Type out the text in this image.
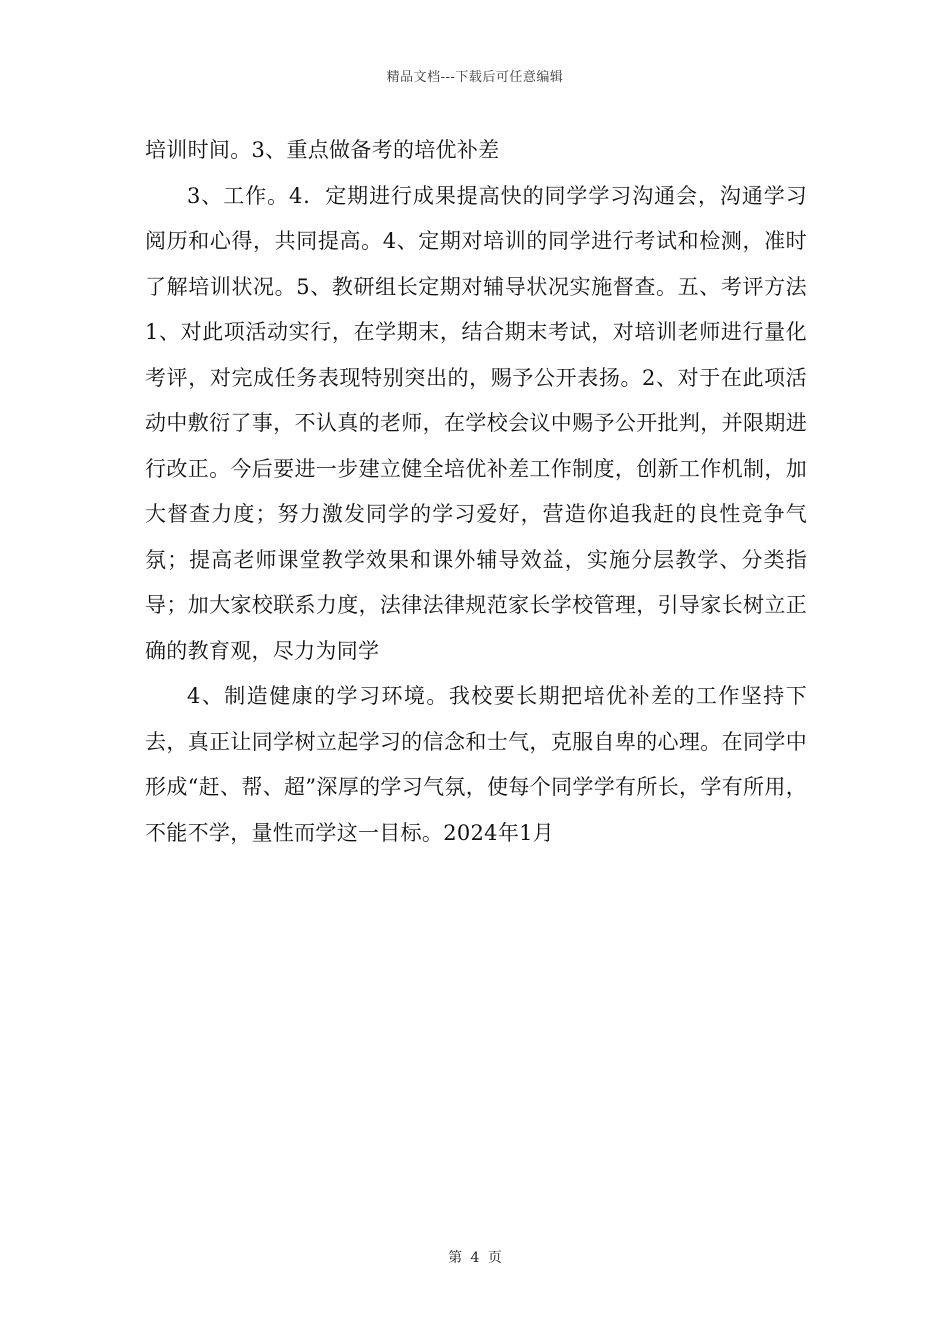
精品文档---下载后可任意编辑

培训时间。3、重点做备考的培优补差

3、工作。4．定期进行成果提高快的同学学习沟通会，沟通学习阅历和心得，共同提高。4、定期对培训的同学进行考试和检测，准时了解培训状况。5、教研组长定期对辅导状况实施督查。五、考评方法1、对此项活动实行，在学期末，结合期末考试，对培训老师进行量化考评，对完成任务表现特别突出的，赐予公开表扬。2、对于在此项活动中敷衍了事，不认真的老师，在学校会议中赐予公开批判，并限期进行改正。今后要进一步建立健全培优补差工作制度，创新工作机制，加大督查力度；努力激发同学的学习爱好，营造你追我赶的良性竞争气氛；提高老师课堂教学效果和课外辅导效益，实施分层教学、分类指导；加大家校联系力度，法律法律规范家长学校管理，引导家长树立正确的教育观，尽力为同学

4、制造健康的学习环境。我校要长期把培优补差的工作坚持下去，真正让同学树立起学习的信念和士气，克服自卑的心理。在同学中形成“赶、帮、超”深厚的学习气氛，使每个同学学有所长，学有所用，不能不学，量性而学这一目标。2024年1月

第 4 页
